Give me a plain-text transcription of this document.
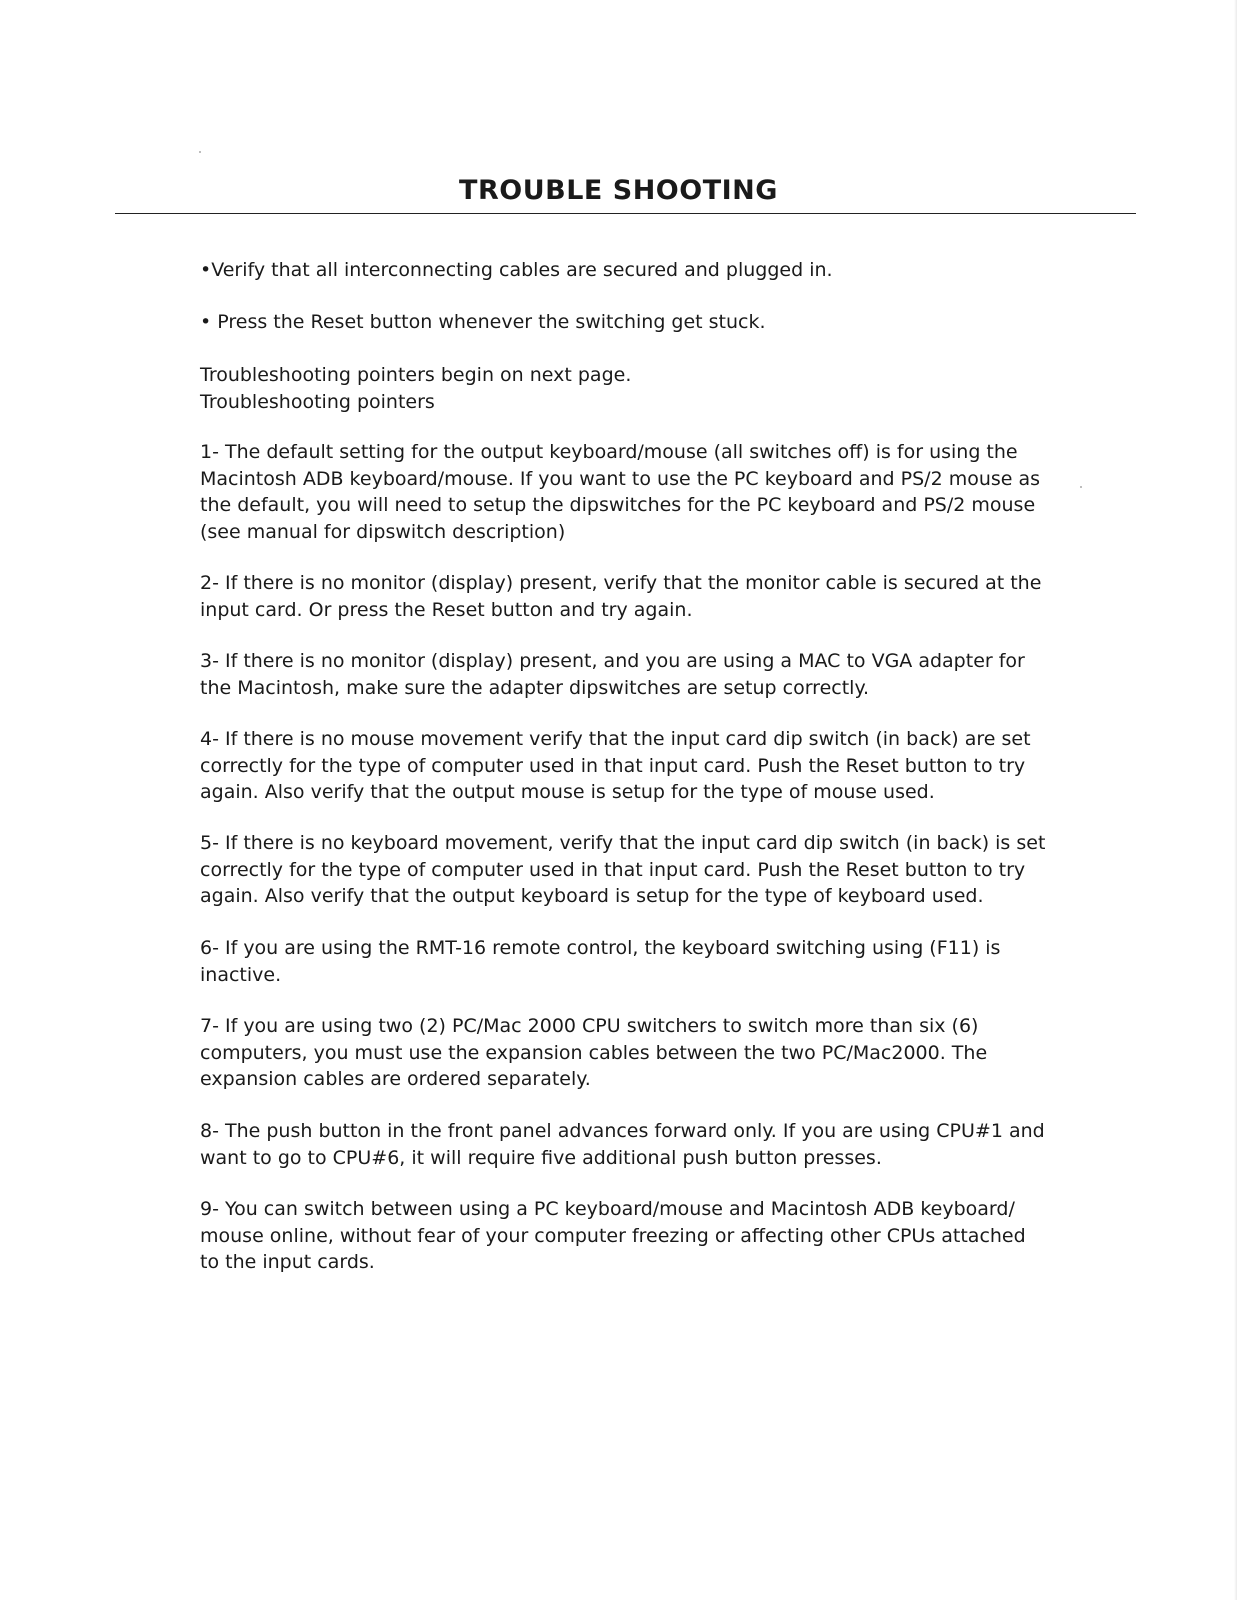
TROUBLE SHOOTING
•Verify that all interconnecting cables are secured and plugged in.
• Press the Reset button whenever the switching get stuck.
Troubleshooting pointers begin on next page.
Troubleshooting pointers
1- The default setting for the output keyboard/mouse (all switches off) is for using the
Macintosh ADB keyboard/mouse. If you want to use the PC keyboard and PS/2 mouse as
the default, you will need to setup the dipswitches for the PC keyboard and PS/2 mouse
(see manual for dipswitch description)
2- If there is no monitor (display) present, verify that the monitor cable is secured at the
input card. Or press the Reset button and try again.
3- If there is no monitor (display) present, and you are using a MAC to VGA adapter for
the Macintosh, make sure the adapter dipswitches are setup correctly.
4- If there is no mouse movement verify that the input card dip switch (in back) are set
correctly for the type of computer used in that input card. Push the Reset button to try
again. Also verify that the output mouse is setup for the type of mouse used.
5- If there is no keyboard movement, verify that the input card dip switch (in back) is set
correctly for the type of computer used in that input card. Push the Reset button to try
again. Also verify that the output keyboard is setup for the type of keyboard used.
6- If you are using the RMT-16 remote control, the keyboard switching using (F11) is
inactive.
7- If you are using two (2) PC/Mac 2000 CPU switchers to switch more than six (6)
computers, you must use the expansion cables between the two PC/Mac2000. The
expansion cables are ordered separately.
8- The push button in the front panel advances forward only. If you are using CPU#1 and
want to go to CPU#6, it will require five additional push button presses.
9- You can switch between using a PC keyboard/mouse and Macintosh ADB keyboard/
mouse online, without fear of your computer freezing or affecting other CPUs attached
to the input cards.
